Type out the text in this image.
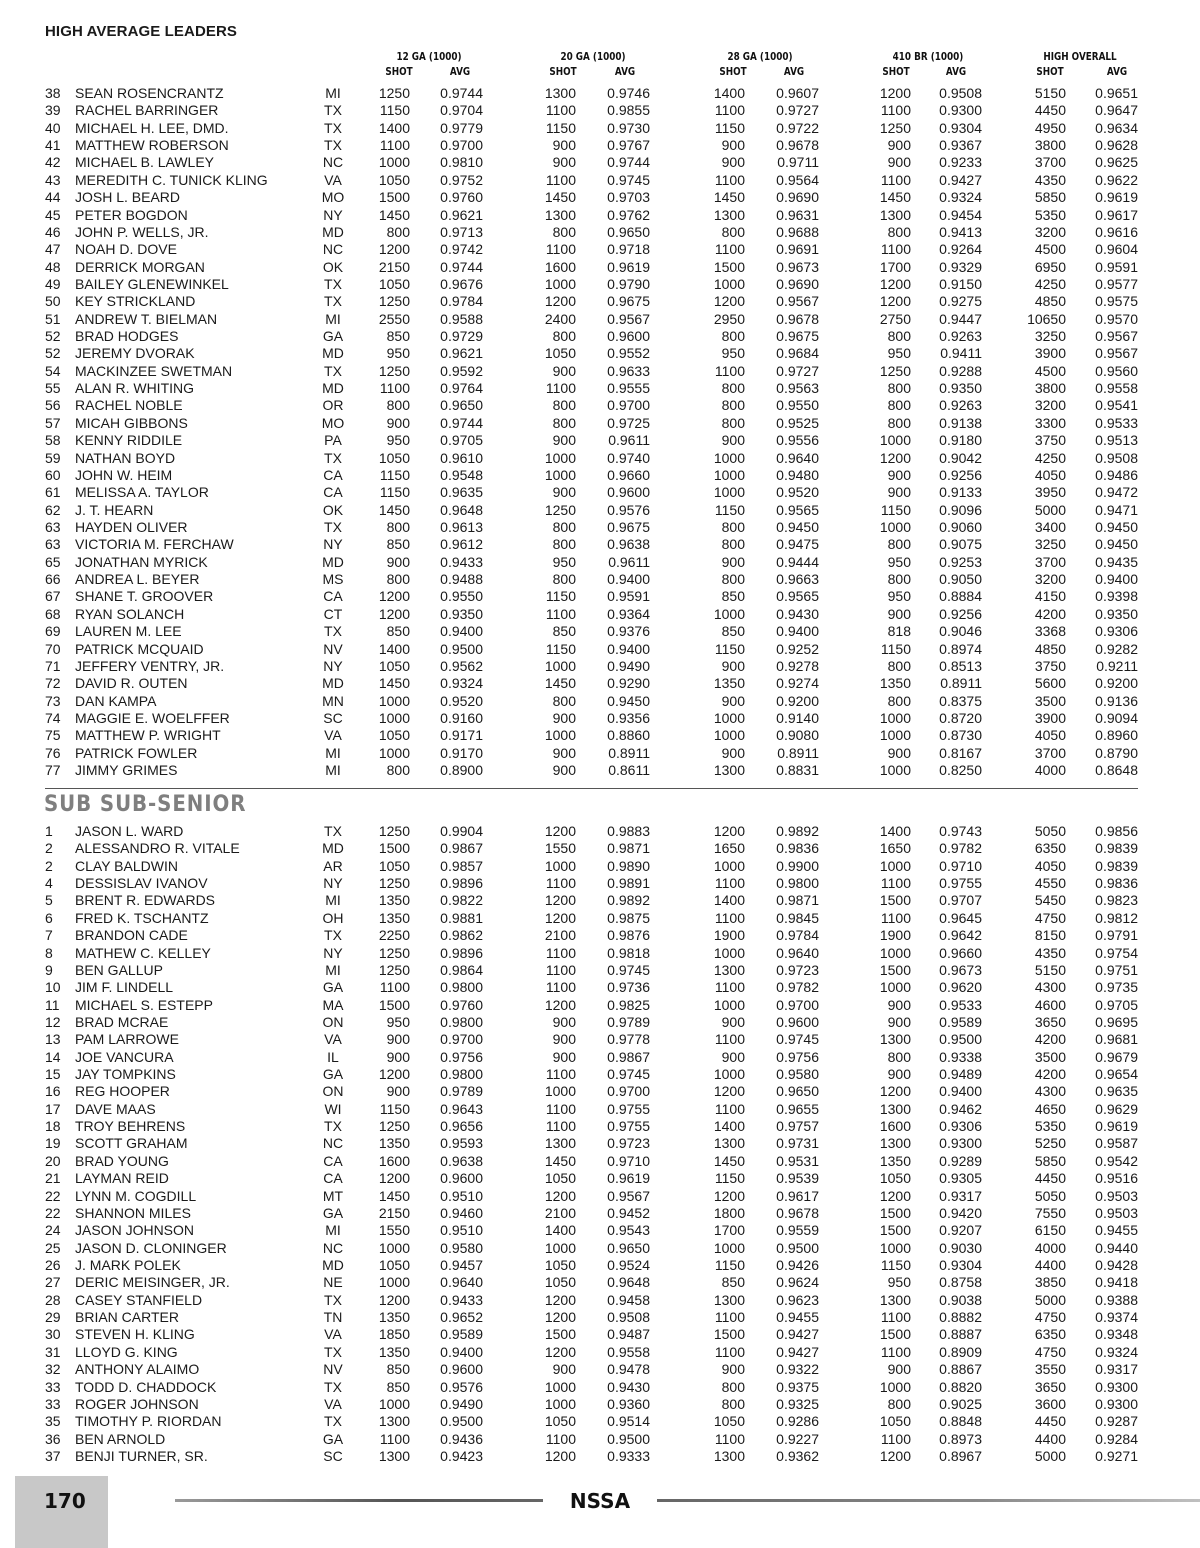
HIGH AVERAGE LEADERS
12 GA (1000)	20 GA (1000)	28 GA (1000)	410 BR (1000)	HIGH OVERALL
SHOT	AVG	SHOT	AVG	SHOT	AVG	SHOT	AVG	SHOT	AVG
38 SEAN ROSENCRANTZ	MI	1250 0.9744	1300 0.9746	1400 0.9607	1200 0.9508	5150 0.9651
39 RACHEL BARRINGER	TX	1150 0.9704	1100 0.9855	1100 0.9727	1100 0.9300	4450 0.9647
40 MICHAEL H. LEE, DMD.	TX	1400 0.9779	1150 0.9730	1150 0.9722	1250 0.9304	4950 0.9634
41 MATTHEW ROBERSON	TX	1100 0.9700	900 0.9767	900 0.9678	900 0.9367	3800 0.9628
42 MICHAEL B. LAWLEY	NC	1000 0.9810	900 0.9744	900 0.9711	900 0.9233	3700 0.9625
43 MEREDITH C. TUNICK KLING	VA	1050 0.9752	1100 0.9745	1100 0.9564	1100 0.9427	4350 0.9622
44 JOSH L. BEARD	MO	1500 0.9760	1450 0.9703	1450 0.9690	1450 0.9324	5850 0.9619
45 PETER BOGDON	NY	1450 0.9621	1300 0.9762	1300 0.9631	1300 0.9454	5350 0.9617
46 JOHN P. WELLS, JR.	MD	800 0.9713	800 0.9650	800 0.9688	800 0.9413	3200 0.9616
47 NOAH D. DOVE	NC	1200 0.9742	1100 0.9718	1100 0.9691	1100 0.9264	4500 0.9604
48 DERRICK MORGAN	OK	2150 0.9744	1600 0.9619	1500 0.9673	1700 0.9329	6950 0.9591
49 BAILEY GLENEWINKEL	TX	1050 0.9676	1000 0.9790	1000 0.9690	1200 0.9150	4250 0.9577
50 KEY STRICKLAND	TX	1250 0.9784	1200 0.9675	1200 0.9567	1200 0.9275	4850 0.9575
51 ANDREW T. BIELMAN	MI	2550 0.9588	2400 0.9567	2950 0.9678	2750 0.9447	10650 0.9570
52 BRAD HODGES	GA	850 0.9729	800 0.9600	800 0.9675	800 0.9263	3250 0.9567
52 JEREMY DVORAK	MD	950 0.9621	1050 0.9552	950 0.9684	950 0.9411	3900 0.9567
54 MACKINZEE SWETMAN	TX	1250 0.9592	900 0.9633	1100 0.9727	1250 0.9288	4500 0.9560
55 ALAN R. WHITING	MD	1100 0.9764	1100 0.9555	800 0.9563	800 0.9350	3800 0.9558
56 RACHEL NOBLE	OR	800 0.9650	800 0.9700	800 0.9550	800 0.9263	3200 0.9541
57 MICAH GIBBONS	MO	900 0.9744	800 0.9725	800 0.9525	800 0.9138	3300 0.9533
58 KENNY RIDDILE	PA	950 0.9705	900 0.9611	900 0.9556	1000 0.9180	3750 0.9513
59 NATHAN BOYD	TX	1050 0.9610	1000 0.9740	1000 0.9640	1200 0.9042	4250 0.9508
60 JOHN W. HEIM	CA	1150 0.9548	1000 0.9660	1000 0.9480	900 0.9256	4050 0.9486
61 MELISSA A. TAYLOR	CA	1150 0.9635	900 0.9600	1000 0.9520	900 0.9133	3950 0.9472
62 J. T. HEARN	OK	1450 0.9648	1250 0.9576	1150 0.9565	1150 0.9096	5000 0.9471
63 HAYDEN OLIVER	TX	800 0.9613	800 0.9675	800 0.9450	1000 0.9060	3400 0.9450
63 VICTORIA M. FERCHAW	NY	850 0.9612	800 0.9638	800 0.9475	800 0.9075	3250 0.9450
65 JONATHAN MYRICK	MD	900 0.9433	950 0.9611	900 0.9444	950 0.9253	3700 0.9435
66 ANDREA L. BEYER	MS	800 0.9488	800 0.9400	800 0.9663	800 0.9050	3200 0.9400
67 SHANE T. GROOVER	CA	1200 0.9550	1150 0.9591	850 0.9565	950 0.8884	4150 0.9398
68 RYAN SOLANCH	CT	1200 0.9350	1100 0.9364	1000 0.9430	900 0.9256	4200 0.9350
69 LAUREN M. LEE	TX	850 0.9400	850 0.9376	850 0.9400	818 0.9046	3368 0.9306
70 PATRICK MCQUAID	NV	1400 0.9500	1150 0.9400	1150 0.9252	1150 0.8974	4850 0.9282
71 JEFFERY VENTRY, JR.	NY	1050 0.9562	1000 0.9490	900 0.9278	800 0.8513	3750 0.9211
72 DAVID R. OUTEN	MD	1450 0.9324	1450 0.9290	1350 0.9274	1350 0.8911	5600 0.9200
73 DAN KAMPA	MN	1000 0.9520	800 0.9450	900 0.9200	800 0.8375	3500 0.9136
74 MAGGIE E. WOELFFER	SC	1000 0.9160	900 0.9356	1000 0.9140	1000 0.8720	3900 0.9094
75 MATTHEW P. WRIGHT	VA	1050 0.9171	1000 0.8860	1000 0.9080	1000 0.8730	4050 0.8960
76 PATRICK FOWLER	MI	1000 0.9170	900 0.8911	900 0.8911	900 0.8167	3700 0.8790
77 JIMMY GRIMES	MI	800 0.8900	900 0.8611	1300 0.8831	1000 0.8250	4000 0.8648
SUB SUB-SENIOR
1 JASON L. WARD	TX	1250 0.9904	1200 0.9883	1200 0.9892	1400 0.9743	5050 0.9856
2 ALESSANDRO R. VITALE	MD	1500 0.9867	1550 0.9871	1650 0.9836	1650 0.9782	6350 0.9839
2 CLAY BALDWIN	AR	1050 0.9857	1000 0.9890	1000 0.9900	1000 0.9710	4050 0.9839
4 DESSISLAV IVANOV	NY	1250 0.9896	1100 0.9891	1100 0.9800	1100 0.9755	4550 0.9836
5 BRENT R. EDWARDS	MI	1350 0.9822	1200 0.9892	1400 0.9871	1500 0.9707	5450 0.9823
6 FRED K. TSCHANTZ	OH	1350 0.9881	1200 0.9875	1100 0.9845	1100 0.9645	4750 0.9812
7 BRANDON CADE	TX	2250 0.9862	2100 0.9876	1900 0.9784	1900 0.9642	8150 0.9791
8 MATHEW C. KELLEY	NY	1250 0.9896	1100 0.9818	1000 0.9640	1000 0.9660	4350 0.9754
9 BEN GALLUP	MI	1250 0.9864	1100 0.9745	1300 0.9723	1500 0.9673	5150 0.9751
10 JIM F. LINDELL	GA	1100 0.9800	1100 0.9736	1100 0.9782	1000 0.9620	4300 0.9735
11 MICHAEL S. ESTEPP	MA	1500 0.9760	1200 0.9825	1000 0.9700	900 0.9533	4600 0.9705
12 BRAD MCRAE	ON	950 0.9800	900 0.9789	900 0.9600	900 0.9589	3650 0.9695
13 PAM LARROWE	VA	900 0.9700	900 0.9778	1100 0.9745	1300 0.9500	4200 0.9681
14 JOE VANCURA	IL	900 0.9756	900 0.9867	900 0.9756	800 0.9338	3500 0.9679
15 JAY TOMPKINS	GA	1200 0.9800	1100 0.9745	1000 0.9580	900 0.9489	4200 0.9654
16 REG HOOPER	ON	900 0.9789	1000 0.9700	1200 0.9650	1200 0.9400	4300 0.9635
17 DAVE MAAS	WI	1150 0.9643	1100 0.9755	1100 0.9655	1300 0.9462	4650 0.9629
18 TROY BEHRENS	TX	1250 0.9656	1100 0.9755	1400 0.9757	1600 0.9306	5350 0.9619
19 SCOTT GRAHAM	NC	1350 0.9593	1300 0.9723	1300 0.9731	1300 0.9300	5250 0.9587
20 BRAD YOUNG	CA	1600 0.9638	1450 0.9710	1450 0.9531	1350 0.9289	5850 0.9542
21 LAYMAN REID	CA	1200 0.9600	1050 0.9619	1150 0.9539	1050 0.9305	4450 0.9516
22 LYNN M. COGDILL	MT	1450 0.9510	1200 0.9567	1200 0.9617	1200 0.9317	5050 0.9503
22 SHANNON MILES	GA	2150 0.9460	2100 0.9452	1800 0.9678	1500 0.9420	7550 0.9503
24 JASON JOHNSON	MI	1550 0.9510	1400 0.9543	1700 0.9559	1500 0.9207	6150 0.9455
25 JASON D. CLONINGER	NC	1000 0.9580	1000 0.9650	1000 0.9500	1000 0.9030	4000 0.9440
26 J. MARK POLEK	MD	1050 0.9457	1050 0.9524	1150 0.9426	1150 0.9304	4400 0.9428
27 DERIC MEISINGER, JR.	NE	1000 0.9640	1050 0.9648	850 0.9624	950 0.8758	3850 0.9418
28 CASEY STANFIELD	TX	1200 0.9433	1200 0.9458	1300 0.9623	1300 0.9038	5000 0.9388
29 BRIAN CARTER	TN	1350 0.9652	1200 0.9508	1100 0.9455	1100 0.8882	4750 0.9374
30 STEVEN H. KLING	VA	1850 0.9589	1500 0.9487	1500 0.9427	1500 0.8887	6350 0.9348
31 LLOYD G. KING	TX	1350 0.9400	1200 0.9558	1100 0.9427	1100 0.8909	4750 0.9324
32 ANTHONY ALAIMO	NV	850 0.9600	900 0.9478	900 0.9322	900 0.8867	3550 0.9317
33 TODD D. CHADDOCK	TX	850 0.9576	1000 0.9430	800 0.9375	1000 0.8820	3650 0.9300
33 ROGER JOHNSON	VA	1000 0.9490	1000 0.9360	800 0.9325	800 0.9025	3600 0.9300
35 TIMOTHY P. RIORDAN	TX	1300 0.9500	1050 0.9514	1050 0.9286	1050 0.8848	4450 0.9287
36 BEN ARNOLD	GA	1100 0.9436	1100 0.9500	1100 0.9227	1100 0.8973	4400 0.9284
37 BENJI TURNER, SR.	SC	1300 0.9423	1200 0.9333	1300 0.9362	1200 0.8967	5000 0.9271
170	NSSA
